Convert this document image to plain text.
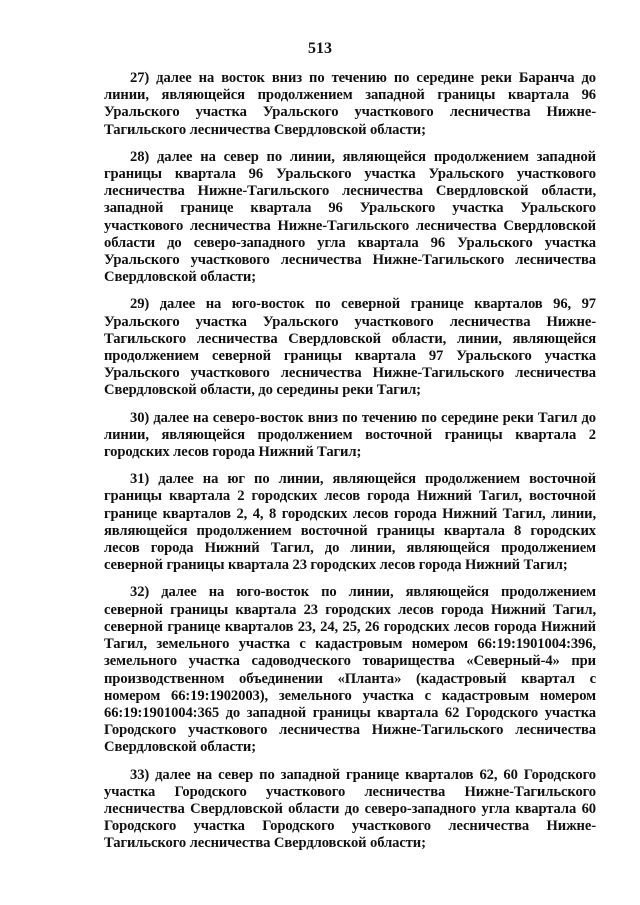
513

27) далее на восток вниз по течению по середине реки Баранча до линии, являющейся продолжением западной границы квартала 96 Уральского участка Уральского участкового лесничества Нижне-Тагильского лесничества Свердловской области;

28) далее на север по линии, являющейся продолжением западной границы квартала 96 Уральского участка Уральского участкового лесничества Нижне-Тагильского лесничества Свердловской области, западной границе квартала 96 Уральского участка Уральского участкового лесничества Нижне-Тагильского лесничества Свердловской области до северо-западного угла квартала 96 Уральского участка Уральского участкового лесничества Нижне-Тагильского лесничества Свердловской области;

29) далее на юго-восток по северной границе кварталов 96, 97 Уральского участка Уральского участкового лесничества Нижне-Тагильского лесничества Свердловской области, линии, являющейся продолжением северной границы квартала 97 Уральского участка Уральского участкового лесничества Нижне-Тагильского лесничества Свердловской области, до середины реки Тагил;

30) далее на северо-восток вниз по течению по середине реки Тагил до линии, являющейся продолжением восточной границы квартала 2 городских лесов города Нижний Тагил;

31) далее на юг по линии, являющейся продолжением восточной границы квартала 2 городских лесов города Нижний Тагил, восточной границе кварталов 2, 4, 8 городских лесов города Нижний Тагил, линии, являющейся продолжением восточной границы квартала 8 городских лесов города Нижний Тагил, до линии, являющейся продолжением северной границы квартала 23 городских лесов города Нижний Тагил;

32) далее на юго-восток по линии, являющейся продолжением северной границы квартала 23 городских лесов города Нижний Тагил, северной границе кварталов 23, 24, 25, 26 городских лесов города Нижний Тагил, земельного участка с кадастровым номером 66:19:1901004:396, земельного участка садоводческого товарищества «Северный-4» при производственном объединении «Планта» (кадастровый квартал с номером 66:19:1902003), земельного участка с кадастровым номером 66:19:1901004:365 до западной границы квартала 62 Городского участка Городского участкового лесничества Нижне-Тагильского лесничества Свердловской области;

33) далее на север по западной границе кварталов 62, 60 Городского участка Городского участкового лесничества Нижне-Тагильского лесничества Свердловской области до северо-западного угла квартала 60 Городского участка Городского участкового лесничества Нижне-Тагильского лесничества Свердловской области;
